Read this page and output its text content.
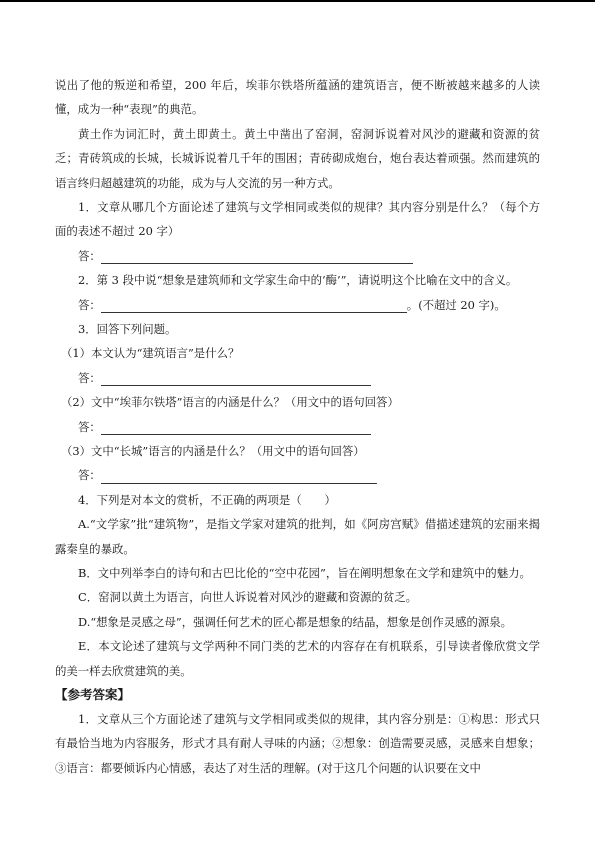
说出了他的叛逆和希望，200 年后，埃菲尔铁塔所蕴涵的建筑语言，便不断被越来越多的人读懂，成为一种“表现”的典范。

黄土作为词汇时，黄土即黄土。黄土中凿出了窑洞，窑洞诉说着对风沙的避藏和资源的贫乏；青砖筑成的长城，长城诉说着几千年的围困；青砖砌成炮台，炮台表达着顽强。然而建筑的语言终归超越建筑的功能，成为与人交流的另一种方式。

1．文章从哪几个方面论述了建筑与文学相同或类似的规律？其内容分别是什么？（每个方面的表述不超过 20 字）

答：

2．第 3 段中说“想象是建筑师和文学家生命中的‘酶’”，请说明这个比喻在文中的含义。

答：	。(不超过 20 字)。

3．回答下列问题。

（1）本文认为“建筑语言”是什么？

答：

（2）文中“埃菲尔铁塔”语言的内涵是什么？（用文中的语句回答）

答：

（3）文中“长城”语言的内涵是什么？（用文中的语句回答）

答：

4．下列是对本文的赏析，不正确的两项是（　　）

A.“文学家”批“建筑物”，是指文学家对建筑的批判，如《阿房宫赋》借描述建筑的宏丽来揭露秦皇的暴政。

B．文中列举李白的诗句和古巴比伦的“空中花园”，旨在阐明想象在文学和建筑中的魅力。

C．窑洞以黄土为语言，向世人诉说着对风沙的避藏和资源的贫乏。

D.“想象是灵感之母”，强调任何艺术的匠心都是想象的结晶，想象是创作灵感的源泉。

E．本文论述了建筑与文学两种不同门类的艺术的内容存在有机联系，引导读者像欣赏文学的美一样去欣赏建筑的美。

【参考答案】

1．文章从三个方面论述了建筑与文学相同或类似的规律，其内容分别是：①构思：形式只有最恰当地为内容服务，形式才具有耐人寻味的内涵；②想象：创造需要灵感，灵感来自想象；③语言：都要倾诉内心情感，表达了对生活的理解。(对于这几个问题的认识要在文中
